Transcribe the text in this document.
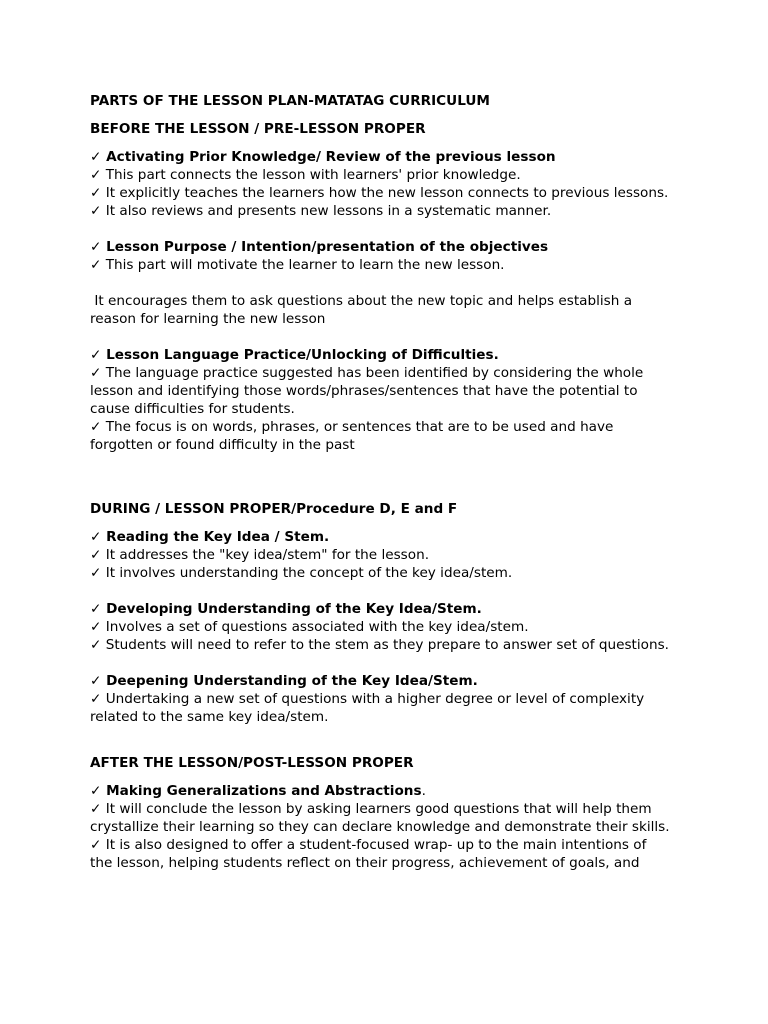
PARTS OF THE LESSON PLAN-MATATAG CURRICULUM

BEFORE THE LESSON / PRE-LESSON PROPER

✓ Activating Prior Knowledge/ Review of the previous lesson

✓ This part connects the lesson with learners' prior knowledge.

✓ It explicitly teaches the learners how the new lesson connects to previous lessons.

✓ It also reviews and presents new lessons in a systematic manner.

✓ Lesson Purpose / Intention/presentation of the objectives

✓ This part will motivate the learner to learn the new lesson.

It encourages them to ask questions about the new topic and helps establish a reason for learning the new lesson

✓ Lesson Language Practice/Unlocking of Difficulties.

✓ The language practice suggested has been identified by considering the whole lesson and identifying those words/phrases/sentences that have the potential to cause difficulties for students.

✓ The focus is on words, phrases, or sentences that are to be used and have forgotten or found difficulty in the past

DURING / LESSON PROPER/Procedure D, E and F

✓ Reading the Key Idea / Stem.

✓ It addresses the "key idea/stem" for the lesson.

✓ It involves understanding the concept of the key idea/stem.

✓ Developing Understanding of the Key Idea/Stem.

✓ Involves a set of questions associated with the key idea/stem.

✓ Students will need to refer to the stem as they prepare to answer set of questions.

✓ Deepening Understanding of the Key Idea/Stem.

✓ Undertaking a new set of questions with a higher degree or level of complexity related to the same key idea/stem.

AFTER THE LESSON/POST-LESSON PROPER

✓ Making Generalizations and Abstractions.

✓ It will conclude the lesson by asking learners good questions that will help them crystallize their learning so they can declare knowledge and demonstrate their skills.

✓ It is also designed to offer a student-focused wrap- up to the main intentions of the lesson, helping students reflect on their progress, achievement of goals, and
